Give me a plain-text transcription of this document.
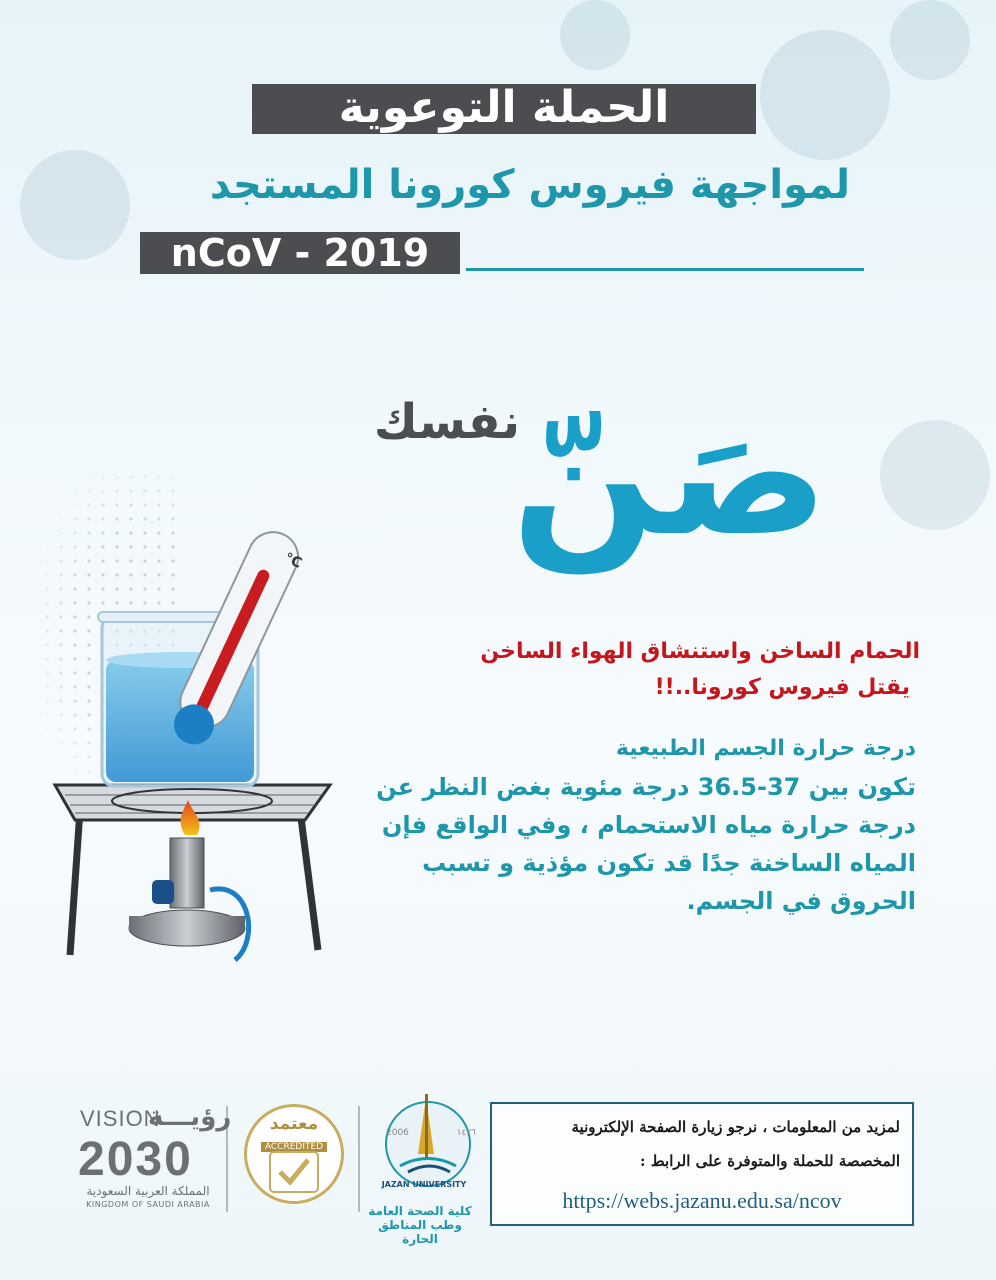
الحملة التوعوية
لمواجهة فيروس كورونا المستجد
nCoV - 2019
صَنّ
نفسك
°C
الحمام الساخن واستنشاق الهواء الساخن
يقتل فيروس كورونا..!!
درجة حرارة الجسم الطبيعية
تكون بين 37-36.5 درجة مئوية بغض النظر عن
درجة حرارة مياه الاستحمام ، وفي الواقع فإن
المياه الساخنة جدًا قد تكون مؤذية و تسبب
الحروق في الجسم.
لمزيد من المعلومات ، نرجو زيارة الصفحة الإلكترونية
المخصصة للحملة والمتوفرة على الرابط :
https://webs.jazanu.edu.sa/ncov
2006	١٤٢٦
JAZAN UNIVERSITY
كلية الصحة العامة
وطب المناطق الحارة
معتمد
ACCREDITED
VISION
رؤيـــة
2030
المملكة العربية السعودية
KINGDOM OF SAUDI ARABIA
